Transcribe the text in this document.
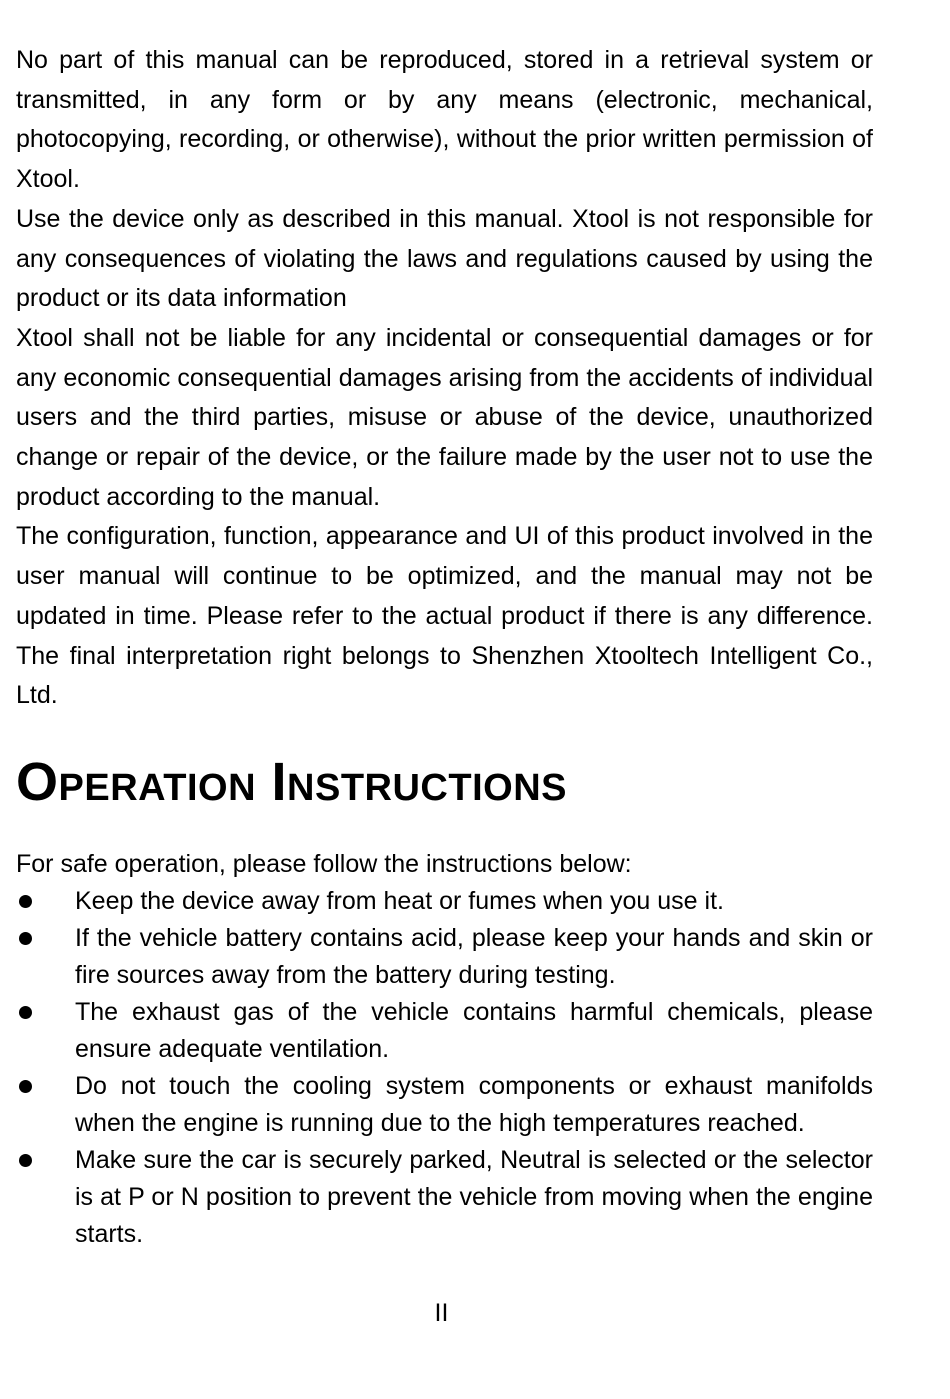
No part of this manual can be reproduced, stored in a retrieval system or transmitted, in any form or by any means (electronic, mechanical, photocopying, recording, or otherwise), without the prior written permission of Xtool.

Use the device only as described in this manual. Xtool is not responsible for any consequences of violating the laws and regulations caused by using the product or its data information

Xtool shall not be liable for any incidental or consequential damages or for any economic consequential damages arising from the accidents of individual users and the third parties, misuse or abuse of the device, unauthorized change or repair of the device, or the failure made by the user not to use the product according to the manual.

The configuration, function, appearance and UI of this product involved in the user manual will continue to be optimized, and the manual may not be updated in time. Please refer to the actual product if there is any difference. The final interpretation right belongs to Shenzhen Xtooltech Intelligent Co., Ltd.

Operation Instructions

For safe operation, please follow the instructions below:

Keep the device away from heat or fumes when you use it.
If the vehicle battery contains acid, please keep your hands and skin or fire sources away from the battery during testing.
The exhaust gas of the vehicle contains harmful chemicals, please ensure adequate ventilation.
Do not touch the cooling system components or exhaust manifolds when the engine is running due to the high temperatures reached.
Make sure the car is securely parked, Neutral is selected or the selector is at P or N position to prevent the vehicle from moving when the engine starts.
II
